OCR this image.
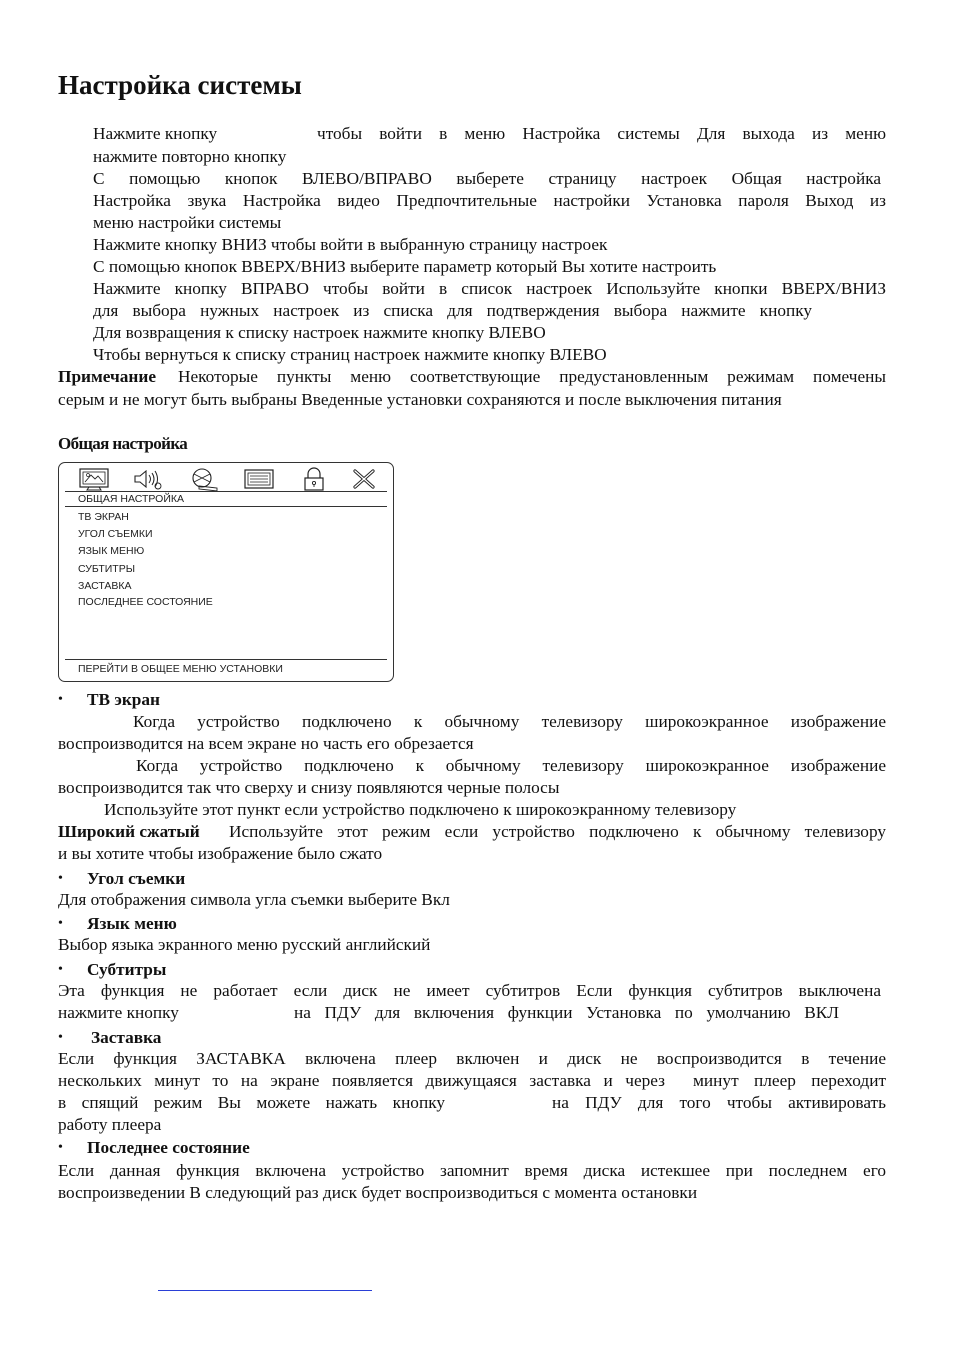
Настройка системы
Нажмите кнопку	чтобы войти в меню Настройка системы Для выхода из меню
нажмите повторно кнопку
С помощью кнопок ВЛЕВО/ВПРАВО выберете страницу настроек Общая настройка
Настройка звука Настройка видео Предпочтительные настройки Установка пароля Выход из
меню настройки системы
Нажмите кнопку ВНИЗ чтобы войти в выбранную страницу настроек
С помощью кнопок ВВЕРХ/ВНИЗ выберите параметр который Вы хотите настроить
Нажмите кнопку ВПРАВО чтобы войти в список настроек Используйте кнопки ВВЕРХ/ВНИЗ
для выбора нужных настроек из списка для подтверждения выбора нажмите кнопку
Для возвращения к списку настроек нажмите кнопку ВЛЕВО
Чтобы вернуться к списку страниц настроек нажмите кнопку ВЛЕВО
Примечание Некоторые пункты меню соответствующие предустановленным режимам помечены
серым и не могут быть выбраны Введенные установки сохраняются и после выключения питания
Общая настройка
ОБЩАЯ НАСТРОЙКА
ТВ ЭКРАН
УГОЛ СЪЕМКИ
ЯЗЫК МЕНЮ
СУБТИТРЫ
ЗАСТАВКА
ПОСЛЕДНЕЕ СОСТОЯНИЕ
ПЕРЕЙТИ В ОБЩЕЕ МЕНЮ УСТАНОВКИ
• ТВ экран
Когда устройство подключено к обычному телевизору широкоэкранное изображение
воспроизводится на всем экране но часть его обрезается
Когда устройство подключено к обычному телевизору широкоэкранное изображение
воспроизводится так что сверху и снизу появляются черные полосы
Используйте этот пункт если устройство подключено к широкоэкранному телевизору
Широкий сжатый Используйте этот режим если устройство подключено к обычному телевизору
и вы хотите чтобы изображение было сжато
• Угол съемки
Для отображения символа угла съемки выберите Вкл
• Язык меню
Выбор языка экранного меню русский английский
• Субтитры
Эта функция не работает если диск не имеет субтитров Если функция субтитров выключена
нажмите кнопку	на ПДУ для включения функции Установка по умолчанию ВКЛ
• Заставка
Если функция ЗАСТАВКА включена плеер включен и диск не воспроизводится в течение
нескольких минут то на экране появляется движущаяся заставка и через минут плеер переходит
в спящий режим Вы можете нажать кнопку	на ПДУ для того чтобы активировать
работу плеера
• Последнее состояние
Если данная функция включена устройство запомнит время диска истекшее при последнем его
воспроизведении В следующий раз диск будет воспроизводиться с момента остановки
